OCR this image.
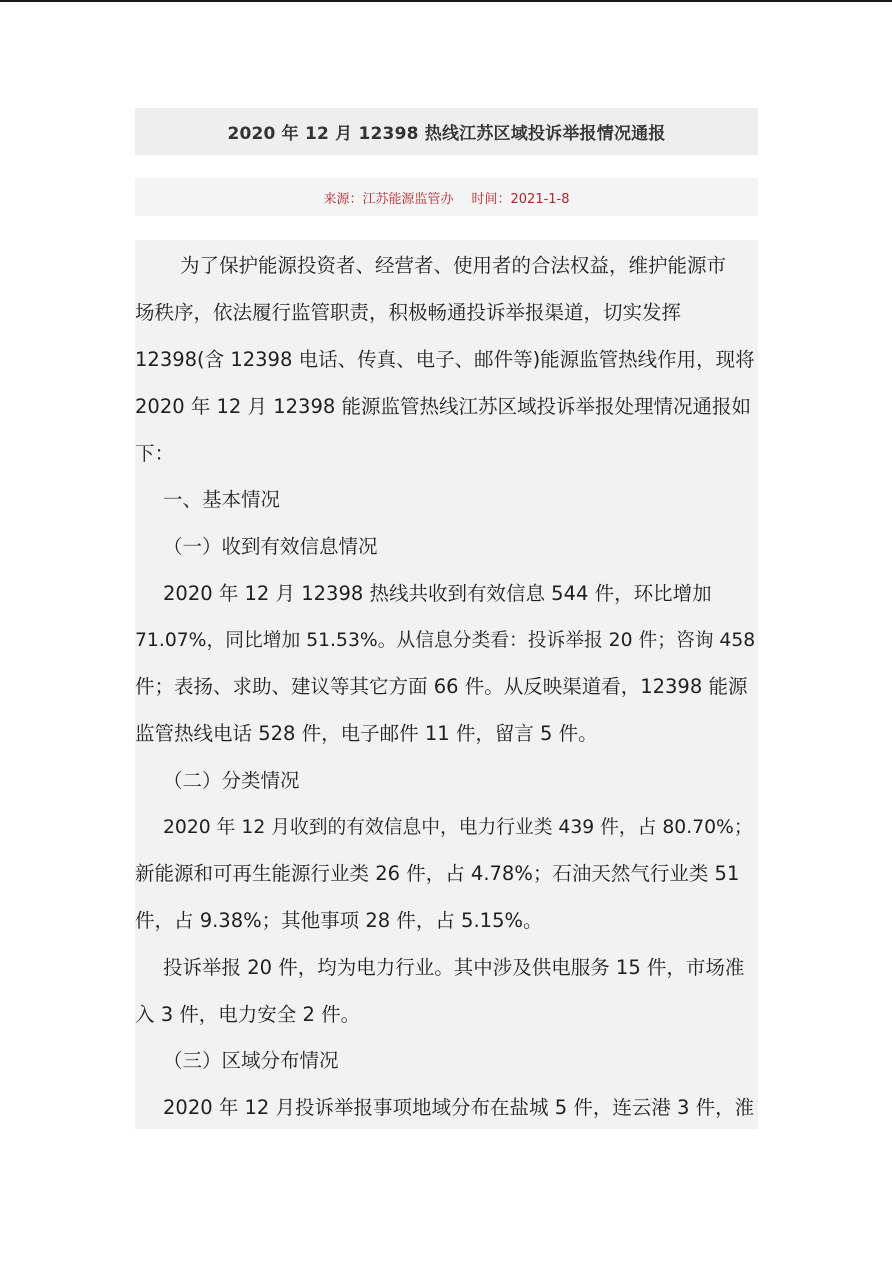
2020 年 12 月 12398 热线江苏区域投诉举报情况通报
来源：江苏能源监管办 时间：2021-1-8
为了保护能源投资者、经营者、使用者的合法权益，维护能源市
场秩序，依法履行监管职责，积极畅通投诉举报渠道，切实发挥
12398(含 12398 电话、传真、电子、邮件等)能源监管热线作用，现将
2020 年 12 月 12398 能源监管热线江苏区域投诉举报处理情况通报如
下：
一、基本情况
（一）收到有效信息情况
2020 年 12 月 12398 热线共收到有效信息 544 件，环比增加
71.07%，同比增加 51.53%。从信息分类看：投诉举报 20 件；咨询 458
件；表扬、求助、建议等其它方面 66 件。从反映渠道看，12398 能源
监管热线电话 528 件，电子邮件 11 件，留言 5 件。
（二）分类情况
2020 年 12 月收到的有效信息中，电力行业类 439 件，占 80.70%；
新能源和可再生能源行业类 26 件，占 4.78%；石油天然气行业类 51
件，占 9.38%；其他事项 28 件，占 5.15%。
投诉举报 20 件，均为电力行业。其中涉及供电服务 15 件，市场准
入 3 件，电力安全 2 件。
（三）区域分布情况
2020 年 12 月投诉举报事项地域分布在盐城 5 件，连云港 3 件，淮
